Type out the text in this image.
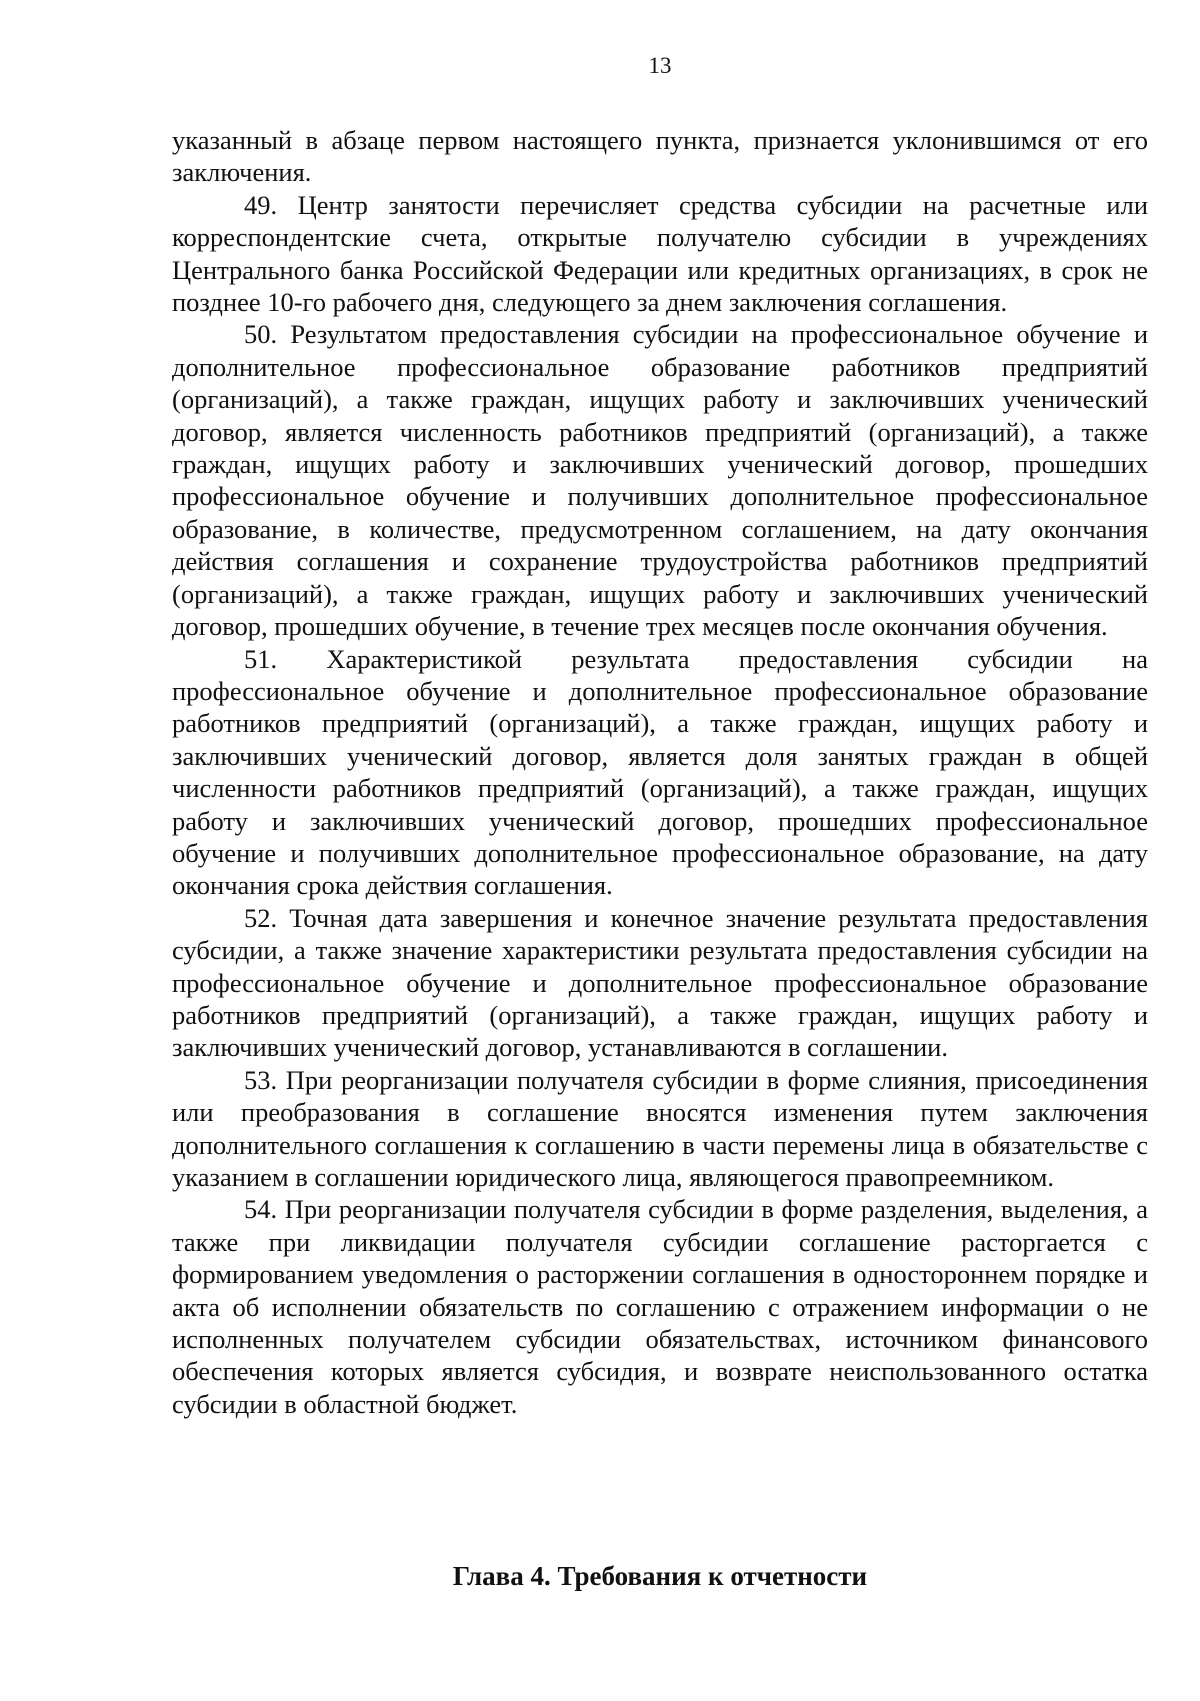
13

указанный в абзаце первом настоящего пункта, признается уклонившимся от его заключения.

49. Центр занятости перечисляет средства субсидии на расчетные или корреспондентские счета, открытые получателю субсидии в учреждениях Центрального банка Российской Федерации или кредитных организациях, в срок не позднее 10-го рабочего дня, следующего за днем заключения соглашения.

50. Результатом предоставления субсидии на профессиональное обучение и дополнительное профессиональное образование работников предприятий (организаций), а также граждан, ищущих работу и заключивших ученический договор, является численность работников предприятий (организаций), а также граждан, ищущих работу и заключивших ученический договор, прошедших профессиональное обучение и получивших дополнительное профессиональное образование, в количестве, предусмотренном соглашением, на дату окончания действия соглашения и сохранение трудоустройства работников предприятий (организаций), а также граждан, ищущих работу и заключивших ученический договор, прошедших обучение, в течение трех месяцев после окончания обучения.

51. Характеристикой результата предоставления субсидии на профессиональное обучение и дополнительное профессиональное образование работников предприятий (организаций), а также граждан, ищущих работу и заключивших ученический договор, является доля занятых граждан в общей численности работников предприятий (организаций), а также граждан, ищущих работу и заключивших ученический договор, прошедших профессиональное обучение и получивших дополнительное профессиональное образование, на дату окончания срока действия соглашения.

52. Точная дата завершения и конечное значение результата предоставления субсидии, а также значение характеристики результата предоставления субсидии на профессиональное обучение и дополнительное профессиональное образование работников предприятий (организаций), а также граждан, ищущих работу и заключивших ученический договор, устанавливаются в соглашении.

53. При реорганизации получателя субсидии в форме слияния, присоединения или преобразования в соглашение вносятся изменения путем заключения дополнительного соглашения к соглашению в части перемены лица в обязательстве с указанием в соглашении юридического лица, являющегося правопреемником.

54. При реорганизации получателя субсидии в форме разделения, выделения, а также при ликвидации получателя субсидии соглашение расторгается с формированием уведомления о расторжении соглашения в одностороннем порядке и акта об исполнении обязательств по соглашению с отражением информации о не исполненных получателем субсидии обязательствах, источником финансового обеспечения которых является субсидия, и возврате неиспользованного остатка субсидии в областной бюджет.

Глава 4. Требования к отчетности
